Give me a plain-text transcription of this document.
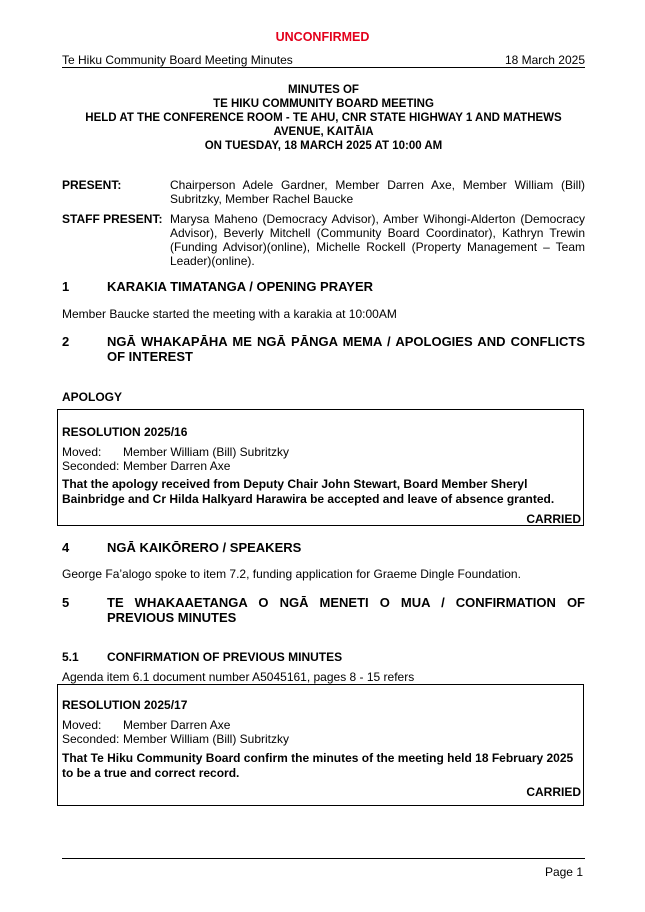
UNCONFIRMED
Te Hiku Community Board Meeting Minutes	18 March 2025
MINUTES OF
TE HIKU COMMUNITY BOARD MEETING
HELD AT THE CONFERENCE ROOM - TE AHU, CNR STATE HIGHWAY 1 AND MATHEWS
AVENUE, KAITĀIA
ON TUESDAY, 18 MARCH 2025 AT 10:00 AM
PRESENT:	Chairperson Adele Gardner, Member Darren Axe, Member William (Bill) Subritzky, Member Rachel Baucke
STAFF PRESENT: Marysa Maheno (Democracy Advisor), Amber Wihongi-Alderton (Democracy Advisor), Beverly Mitchell (Community Board Coordinator), Kathryn Trewin (Funding Advisor)(online), Michelle Rockell (Property Management – Team Leader)(online).
1	KARAKIA TIMATANGA / OPENING PRAYER
Member Baucke started the meeting with a karakia at 10:00AM
2	NGĀ WHAKAPĀHA ME NGĀ PĀNGA MEMA / APOLOGIES AND CONFLICTS OF INTEREST
APOLOGY
RESOLUTION 2025/16
Moved: Member William (Bill) Subritzky
Seconded: Member Darren Axe
That the apology received from Deputy Chair John Stewart, Board Member Sheryl Bainbridge and Cr Hilda Halkyard Harawira be accepted and leave of absence granted.
CARRIED
4	NGĀ KAIKŌRERO / SPEAKERS
George Fa’alogo spoke to item 7.2, funding application for Graeme Dingle Foundation.
5	TE WHAKAAETANGA O NGĀ MENETI O MUA / CONFIRMATION OF PREVIOUS MINUTES
5.1 CONFIRMATION OF PREVIOUS MINUTES
Agenda item 6.1 document number A5045161, pages 8 - 15 refers
RESOLUTION 2025/17
Moved: Member Darren Axe
Seconded: Member William (Bill) Subritzky
That Te Hiku Community Board confirm the minutes of the meeting held 18 February 2025 to be a true and correct record.
CARRIED
Page 1
